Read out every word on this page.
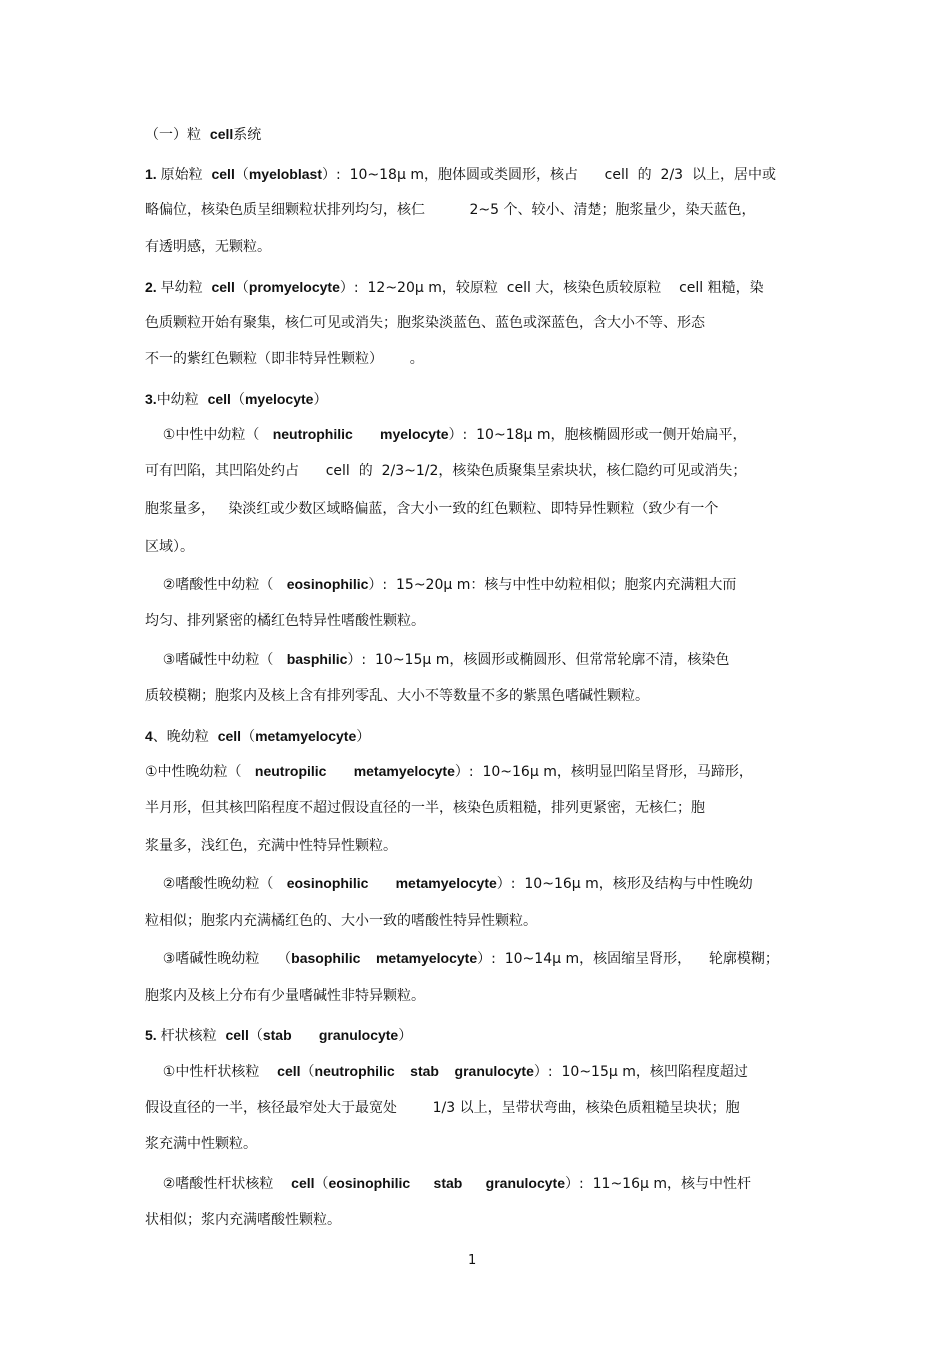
（一）粒  cell系统
1. 原始粒  cell（myeloblast）:  10~18μ m，胞体圆或类圆形，核占      cell  的  2/3  以上，居中或
略偏位，核染色质呈细颗粒状排列均匀，核仁          2~5 个、较小、清楚；胞浆量少，染天蓝色，
有透明感，无颗粒。
2. 早幼粒  cell（promyelocyte）:  12~20μ m，较原粒  cell 大，核染色质较原粒    cell 粗糙，染
色质颗粒开始有聚集，核仁可见或消失；胞浆染淡蓝色、蓝色或深蓝色，含大小不等、形态
不一的紫红色颗粒（即非特异性颗粒）      。
3.中幼粒  cell（myelocyte）
①中性中幼粒（   neutrophilic       myelocyte）:  10~18μ m，胞核椭圆形或一侧开始扁平，
可有凹陷，其凹陷处约占      cell  的  2/3~1/2，核染色质聚集呈索块状，核仁隐约可见或消失；
胞浆量多，   染淡红或少数区域略偏蓝，含大小一致的红色颗粒、即特异性颗粒（致少有一个
区域）。
②嗜酸性中幼粒（   eosinophilic）:  15~20μ m：核与中性中幼粒相似；胞浆内充满粗大而
均匀、排列紧密的橘红色特异性嗜酸性颗粒。
③嗜碱性中幼粒（   basphilic）:  10~15μ m，核圆形或椭圆形、但常常轮廓不清，核染色
质较模糊；胞浆内及核上含有排列零乱、大小不等数量不多的紫黑色嗜碱性颗粒。
4、晚幼粒  cell（metamyelocyte）
①中性晚幼粒（   neutropilic       metamyelocyte）:  10~16μ m，核明显凹陷呈肾形，马蹄形，
半月形，但其核凹陷程度不超过假设直径的一半，核染色质粗糙，排列更紧密，无核仁；胞
浆量多，浅红色，充满中性特异性颗粒。
②嗜酸性晚幼粒（   eosinophilic       metamyelocyte）:  10~16μ m，核形及结构与中性晚幼
粒相似；胞浆内充满橘红色的、大小一致的嗜酸性特异性颗粒。
③嗜碱性晚幼粒    （basophilic    metamyelocyte）:  10~14μ m，核固缩呈肾形，    轮廓模糊；
胞浆内及核上分布有少量嗜碱性非特异颗粒。
5. 杆状核粒  cell（stab       granulocyte）
①中性杆状核粒    cell（neutrophilic    stab    granulocyte）:  10~15μ m，核凹陷程度超过
假设直径的一半，核径最窄处大于最宽处        1/3 以上，呈带状弯曲，核染色质粗糙呈块状；胞
浆充满中性颗粒。
②嗜酸性杆状核粒    cell（eosinophilic      stab      granulocyte）:  11~16μ m，核与中性杆
状相似；浆内充满嗜酸性颗粒。
1
